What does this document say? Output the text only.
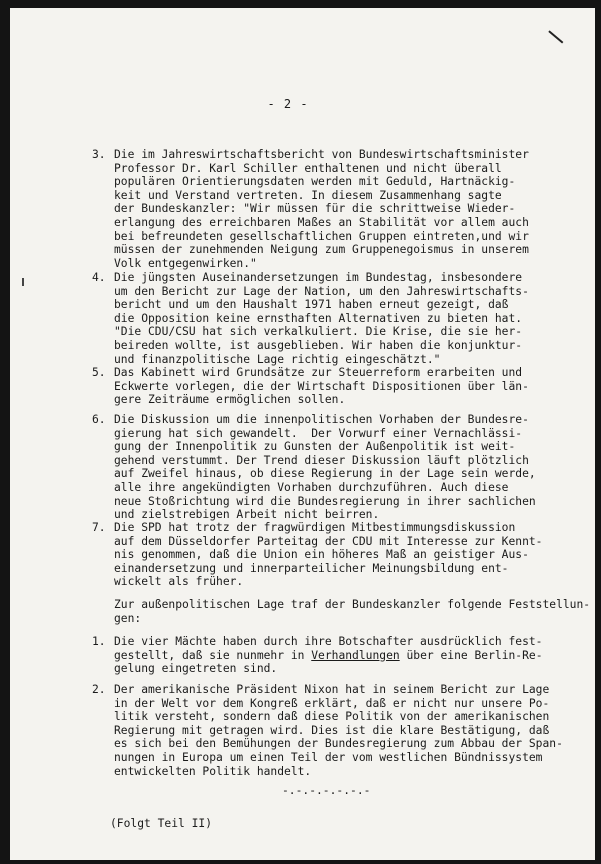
- 2 -
3. Die im Jahreswirtschaftsbericht von Bundeswirtschaftsminister
Professor Dr. Karl Schiller enthaltenen und nicht überall
populären Orientierungsdaten werden mit Geduld, Hartnäckig-
keit und Verstand vertreten. In diesem Zusammenhang sagte
der Bundeskanzler: "Wir müssen für die schrittweise Wieder-
erlangung des erreichbaren Maßes an Stabilität vor allem auch
bei befreundeten gesellschaftlichen Gruppen eintreten,und wir
müssen der zunehmenden Neigung zum Gruppenegoismus in unserem
Volk entgegenwirken."
4. Die jüngsten Auseinandersetzungen im Bundestag, insbesondere
um den Bericht zur Lage der Nation, um den Jahreswirtschafts-
bericht und um den Haushalt 1971 haben erneut gezeigt, daß
die Opposition keine ernsthaften Alternativen zu bieten hat.
"Die CDU/CSU hat sich verkalkuliert. Die Krise, die sie her-
beireden wollte, ist ausgeblieben. Wir haben die konjunktur-
und finanzpolitische Lage richtig eingeschätzt."
5. Das Kabinett wird Grundsätze zur Steuerreform erarbeiten und
Eckwerte vorlegen, die der Wirtschaft Dispositionen über län-
gere Zeiträume ermöglichen sollen.
6. Die Diskussion um die innenpolitischen Vorhaben der Bundesre-
gierung hat sich gewandelt.  Der Vorwurf einer Vernachlässi-
gung der Innenpolitik zu Gunsten der Außenpolitik ist weit-
gehend verstummt. Der Trend dieser Diskussion läuft plötzlich
auf Zweifel hinaus, ob diese Regierung in der Lage sein werde,
alle ihre angekündigten Vorhaben durchzuführen. Auch diese
neue Stoßrichtung wird die Bundesregierung in ihrer sachlichen
und zielstrebigen Arbeit nicht beirren.
7. Die SPD hat trotz der fragwürdigen Mitbestimmungsdiskussion
auf dem Düsseldorfer Parteitag der CDU mit Interesse zur Kennt-
nis genommen, daß die Union ein höheres Maß an geistiger Aus-
einandersetzung und innerparteilicher Meinungsbildung ent-
wickelt als früher.
Zur außenpolitischen Lage traf der Bundeskanzler folgende Feststellun-
gen:
1. Die vier Mächte haben durch ihre Botschafter ausdrücklich fest-
gestellt, daß sie nunmehr in Verhandlungen über eine Berlin-Re-
gelung eingetreten sind.
2. Der amerikanische Präsident Nixon hat in seinem Bericht zur Lage
in der Welt vor dem Kongreß erklärt, daß er nicht nur unsere Po-
litik versteht, sondern daß diese Politik von der amerikanischen
Regierung mit getragen wird. Dies ist die klare Bestätigung, daß
es sich bei den Bemühungen der Bundesregierung zum Abbau der Span-
nungen in Europa um einen Teil der vom westlichen Bündnissystem
entwickelten Politik handelt.
-.-.-.-.-.-.-
(Folgt Teil II)
